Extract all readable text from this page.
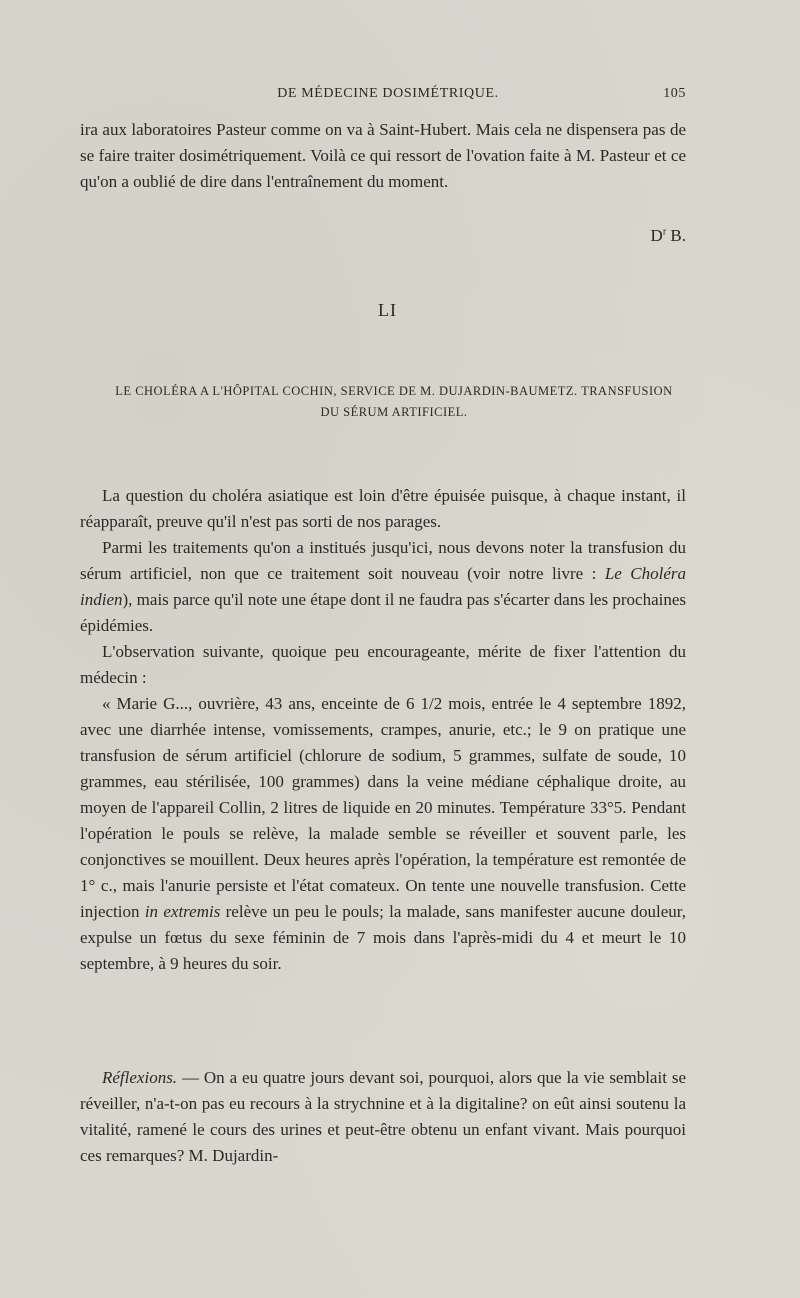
DE MÉDECINE DOSIMÉTRIQUE.	105

ira aux laboratoires Pasteur comme on va à Saint-Hubert. Mais cela ne dispensera pas de se faire traiter dosimétriquement. Voilà ce qui ressort de l'ovation faite à M. Pasteur et ce qu'on a oublié de dire dans l'entraînement du moment.

$D^r$ B.
LI
LE CHOLÉRA A L'HÔPITAL COCHIN, SERVICE DE M. DUJARDIN-BAUMETZ. TRANSFUSION
DU SÉRUM ARTIFICIEL.

La question du choléra asiatique est loin d'être épuisée puisque, à chaque instant, il réapparaît, preuve qu'il n'est pas sorti de nos parages.

Parmi les traitements qu'on a institués jusqu'ici, nous devons noter la transfusion du sérum artificiel, non que ce traitement soit nouveau (voir notre livre : Le Choléra indien), mais parce qu'il note une étape dont il ne faudra pas s'écarter dans les prochaines épidémies.

L'observation suivante, quoique peu encourageante, mérite de fixer l'attention du médecin :

« Marie G..., ouvrière, 43 ans, enceinte de 6 1/2 mois, entrée le 4 septembre 1892, avec une diarrhée intense, vomissements, crampes, anurie, etc.; le 9 on pratique une transfusion de sérum artificiel (chlorure de sodium, 5 grammes, sulfate de soude, 10 grammes, eau stérilisée, 100 grammes) dans la veine médiane céphalique droite, au moyen de l'appareil Collin, 2 litres de liquide en 20 minutes. Température 33°5. Pendant l'opération le pouls se relève, la malade semble se réveiller et souvent parle, les conjonctives se mouillent. Deux heures après l'opération, la température est remontée de 1° c., mais l'anurie persiste et l'état comateux. On tente une nouvelle transfusion. Cette injection in extremis relève un peu le pouls; la malade, sans manifester aucune douleur, expulse un fœtus du sexe féminin de 7 mois dans l'après-midi du 4 et meurt le 10 septembre, à 9 heures du soir.

Réflexions. — On a eu quatre jours devant soi, pourquoi, alors que la vie semblait se réveiller, n'a-t-on pas eu recours à la strychnine et à la digitaline? on eût ainsi soutenu la vitalité, ramené le cours des urines et peut-être obtenu un enfant vivant. Mais pourquoi ces remarques? M. Dujardin-
